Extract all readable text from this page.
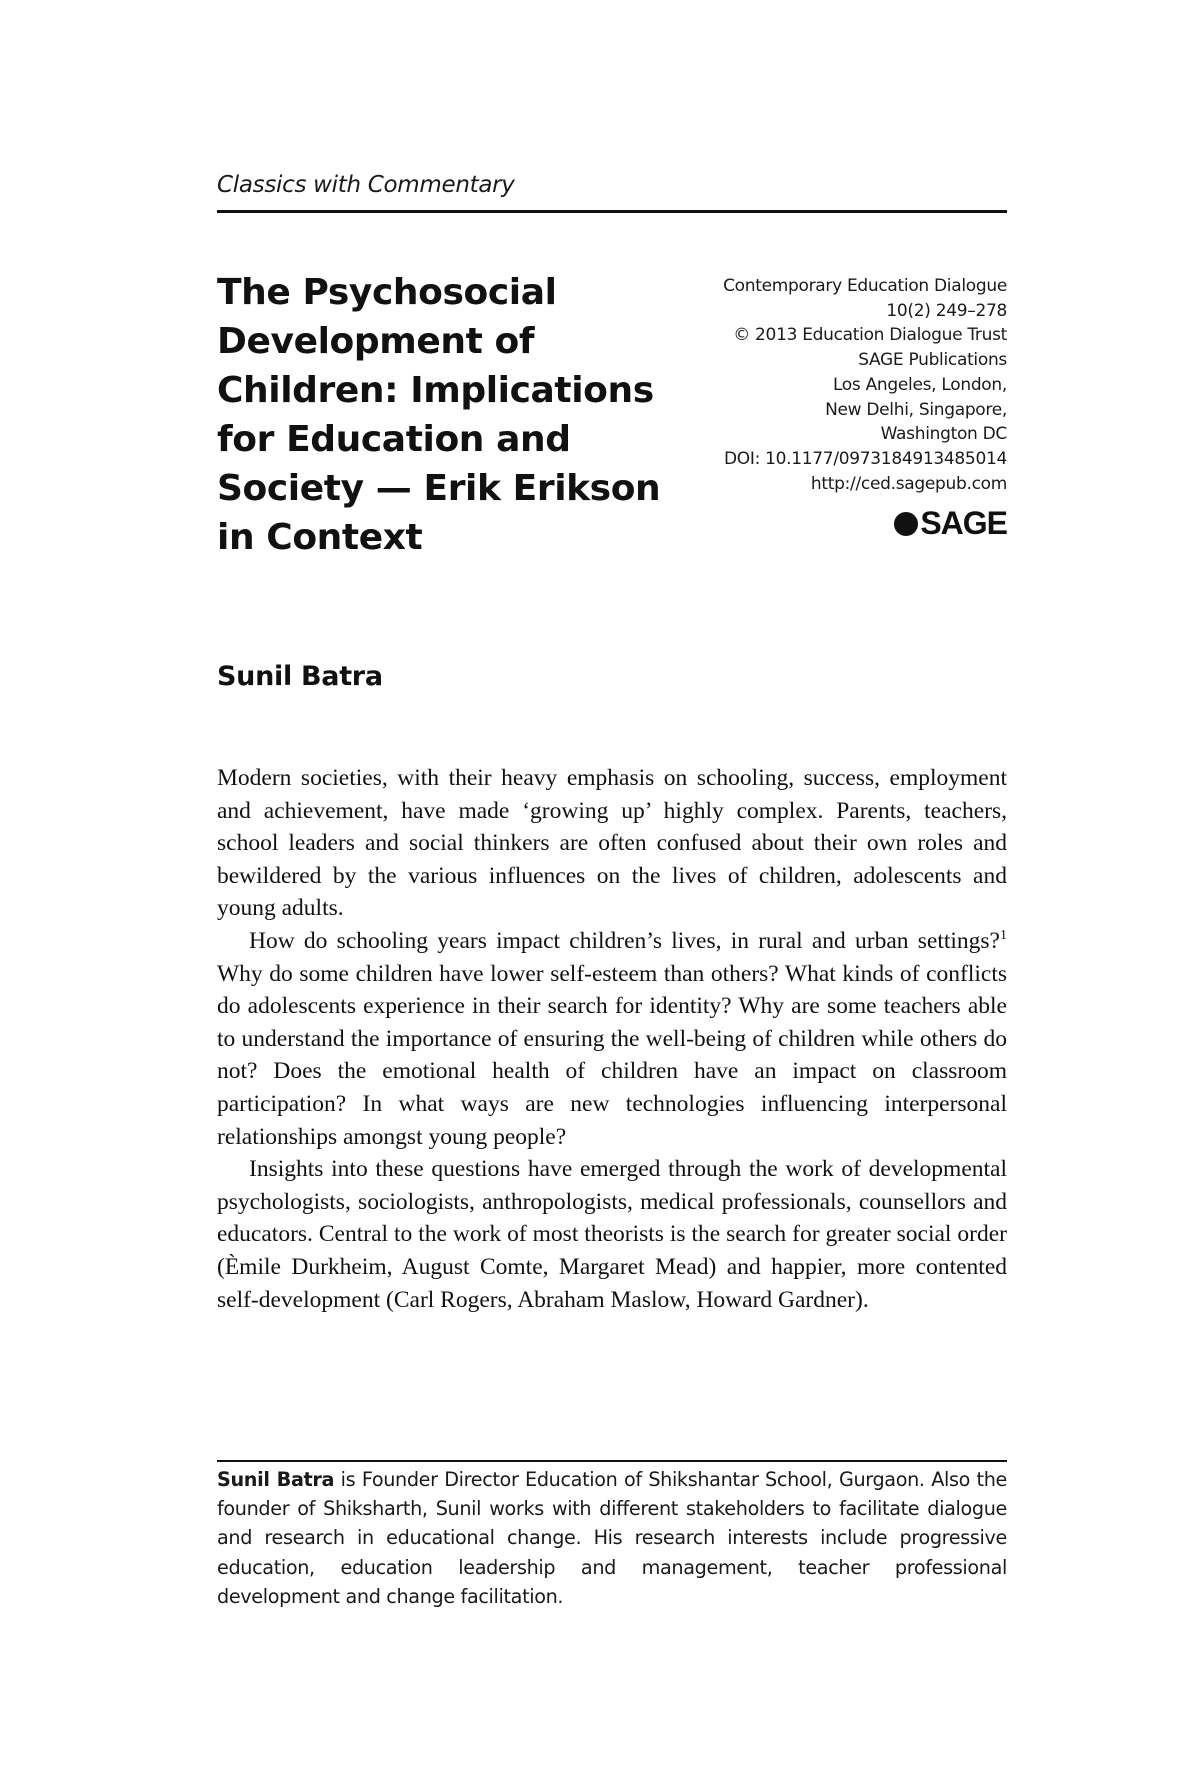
Classics with Commentary
The Psychosocial
Development of
Children: Implications
for Education and
Society — Erik Erikson
in Context
Contemporary Education Dialogue
10(2) 249–278
© 2013 Education Dialogue Trust
SAGE Publications
Los Angeles, London,
New Delhi, Singapore,
Washington DC
DOI: 10.1177/0973184913485014
http://ced.sagepub.com
SAGE
Sunil Batra

Modern societies, with their heavy emphasis on schooling, success, employment and achievement, have made ‘growing up’ highly complex. Parents, teachers, school leaders and social thinkers are often confused about their own roles and bewildered by the various influences on the lives of children, adolescents and young adults.

How do schooling years impact children’s lives, in rural and urban settings?$^1$ Why do some children have lower self-esteem than others? What kinds of conflicts do adolescents experience in their search for identity? Why are some teachers able to understand the importance of ensuring the well-being of children while others do not? Does the emotional health of children have an impact on classroom participation? In what ways are new technologies influencing interpersonal relationships amongst young people?

Insights into these questions have emerged through the work of developmental psychologists, sociologists, anthropologists, medical professionals, counsellors and educators. Central to the work of most theorists is the search for greater social order (Èmile Durkheim, August Comte, Margaret Mead) and happier, more contented self-development (Carl Rogers, Abraham Maslow, Howard Gardner).

Sunil Batra is Founder Director Education of Shikshantar School, Gurgaon. Also the founder of Shiksharth, Sunil works with different stakeholders to facilitate dialogue and research in educational change. His research interests include progressive education, education leadership and management, teacher professional development and change facilitation.
